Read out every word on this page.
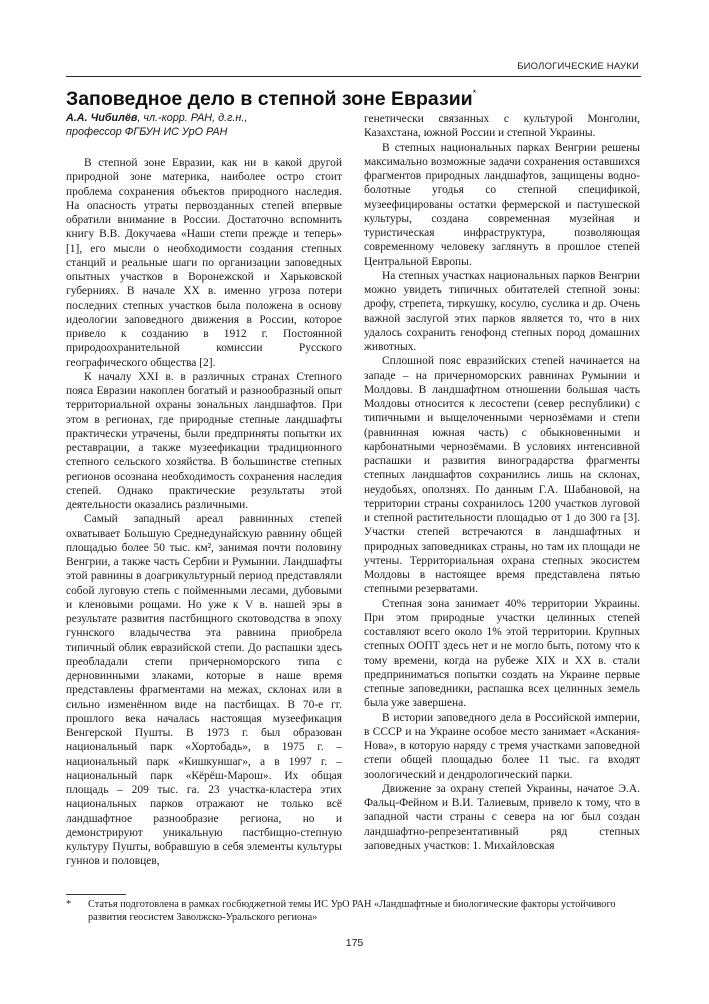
БИОЛОГИЧЕСКИЕ НАУКИ
Заповедное дело в степной зоне Евразии*
А.А. Чибилёв, чл.-корр. РАН, д.г.н.,
профессор ФГБУН ИС УрО РАН

В степной зоне Евразии, как ни в какой другой природной зоне материка, наиболее остро стоит проблема сохранения объектов природного наследия. На опасность утраты первозданных степей впервые обратили внимание в России. Достаточно вспомнить книгу В.В. Докучаева «Наши степи прежде и теперь» [1], его мысли о необходимости создания степных станций и реальные шаги по организации заповедных опытных участков в Воронежской и Харьковской губерниях. В начале XX в. именно угроза потери последних степных участков была положена в основу идеологии заповедного движения в России, которое привело к созданию в 1912 г. Постоянной природоохранительной комиссии Русского географического общества [2].

К началу XXI в. в различных странах Степного пояса Евразии накоплен богатый и разнообразный опыт территориальной охраны зональных ландшафтов. При этом в регионах, где природные степные ландшафты практически утрачены, были предприняты попытки их реставрации, а также музеефикации традиционного степного сельского хозяйства. В большинстве степных регионов осознана необходимость сохранения наследия степей. Однако практические результаты этой деятельности оказались различными.

Самый западный ареал равнинных степей охватывает Большую Среднедунайскую равнину общей площадью более 50 тыс. км², занимая почти половину Венгрии, а также часть Сербии и Румынии. Ландшафты этой равнины в доагрикультурный период представляли собой луговую степь с пойменными лесами, дубовыми и кленовыми рощами. Но уже к V в. нашей эры в результате развития пастбищного скотоводства в эпоху гуннского владычества эта равнина приобрела типичный облик евразийской степи. До распашки здесь преобладали степи причерноморского типа с дерновинными злаками, которые в наше время представлены фрагментами на межах, склонах или в сильно изменённом виде на пастбищах. В 70-е гг. прошлого века началась настоящая музеефикация Венгерской Пушты. В 1973 г. был образован национальный парк «Хортобадь», в 1975 г. – национальный парк «Кишкуншаг», а в 1997 г. – национальный парк «Кёрёш-Марош». Их общая площадь – 209 тыс. га. 23 участка-кластера этих национальных парков отражают не только всё ландшафтное разнообразие региона, но и демонстрируют уникальную пастбищно-степную культуру Пушты, вобравшую в себя элементы культуры гуннов и половцев,

генетически связанных с культурой Монголии, Казахстана, южной России и степной Украины.

В степных национальных парках Венгрии решены максимально возможные задачи сохранения оставшихся фрагментов природных ландшафтов, защищены водно-болотные угодья со степной спецификой, музеефицированы остатки фермерской и пастушеской культуры, создана современная музейная и туристическая инфраструктура, позволяющая современному человеку заглянуть в прошлое степей Центральной Европы.

На степных участках национальных парков Венгрии можно увидеть типичных обитателей степной зоны: дрофу, стрепета, тиркушку, косулю, суслика и др. Очень важной заслугой этих парков является то, что в них удалось сохранить генофонд степных пород домашних животных.

Сплошной пояс евразийских степей начинается на западе – на причерноморских равнинах Румынии и Молдовы. В ландшафтном отношении большая часть Молдовы относится к лесостепи (север республики) с типичными и выщелоченными чернозёмами и степи (равнинная южная часть) с обыкновенными и карбонатными чернозёмами. В условиях интенсивной распашки и развития виноградарства фрагменты степных ландшафтов сохранились лишь на склонах, неудобьях, оползнях. По данным Г.А. Шабановой, на территории страны сохранилось 1200 участков луговой и степной растительности площадью от 1 до 300 га [3]. Участки степей встречаются в ландшафтных и природных заповедниках страны, но там их площади не учтены. Территориальная охрана степных экосистем Молдовы в настоящее время представлена пятью степными резерватами.

Степная зона занимает 40% территории Украины. При этом природные участки целинных степей составляют всего около 1% этой территории. Крупных степных ООПТ здесь нет и не могло быть, потому что к тому времени, когда на рубеже XIX и XX в. стали предприниматься попытки создать на Украине первые степные заповедники, распашка всех целинных земель была уже завершена.

В истории заповедного дела в Российской империи, в СССР и на Украине особое место занимает «Аскания-Нова», в которую наряду с тремя участками заповедной степи общей площадью более 11 тыс. га входят зоологический и дендрологический парки.

Движение за охрану степей Украины, начатое Э.А. Фальц-Фейном и В.И. Талиевым, привело к тому, что в западной части страны с севера на юг был создан ландшафтно-репрезентативный ряд степных заповедных участков: 1. Михайловская

*	Статья подготовлена в рамках госбюджетной темы ИС УрО РАН «Ландшафтные и биологические факторы устойчивого развития геосистем Заволжско-Уральского региона»
175
